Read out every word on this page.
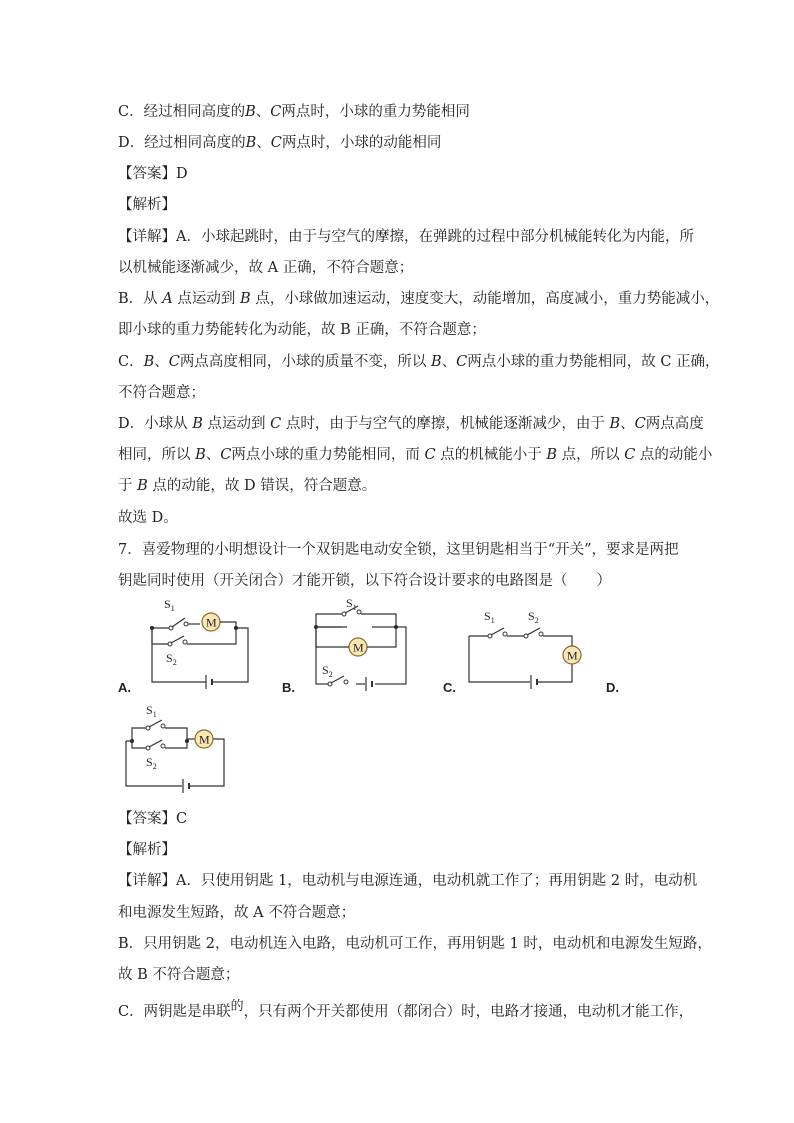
C．经过相同高度的B、C两点时，小球的重力势能相同

D．经过相同高度的B、C两点时，小球的动能相同

【答案】D

【解析】

【详解】A．小球起跳时，由于与空气的摩擦，在弹跳的过程中部分机械能转化为内能，所

以机械能逐渐减少，故 A 正确，不符合题意；

B．从 A 点运动到 B 点，小球做加速运动，速度变大，动能增加，高度减小，重力势能减小，

即小球的重力势能转化为动能，故 B 正确，不符合题意；

C．B、C两点高度相同，小球的质量不变，所以 B、C两点小球的重力势能相同，故 C 正确，

不符合题意；

D．小球从 B 点运动到 C 点时，由于与空气的摩擦，机械能逐渐减少，由于 B、C两点高度

相同，所以 B、C两点小球的重力势能相同，而 C 点的机械能小于 B 点，所以 C 点的动能小

于 B 点的动能，故 D 错误，符合题意。

故选 D。

7．喜爱物理的小明想设计一个双钥匙电动安全锁，这里钥匙相当于“开关”，要求是两把

钥匙同时使用（开关闭合）才能开锁，以下符合设计要求的电路图是（　　）

M
$S_1$
$S_2$
A.
M
$S_1$
$S_2$
B.
M
$S_1$	$S_2$
C.	D.
M
$S_1$
$S_2$

【答案】C

【解析】

【详解】A．只使用钥匙 1，电动机与电源连通，电动机就工作了；再用钥匙 2 时，电动机

和电源发生短路，故 A 不符合题意；

B．只用钥匙 2，电动机连入电路，电动机可工作，再用钥匙 1 时，电动机和电源发生短路，

故 B 不符合题意；

C．两钥匙是串联$^的$，只有两个开关都使用（都闭合）时，电路才接通，电动机才能工作，
